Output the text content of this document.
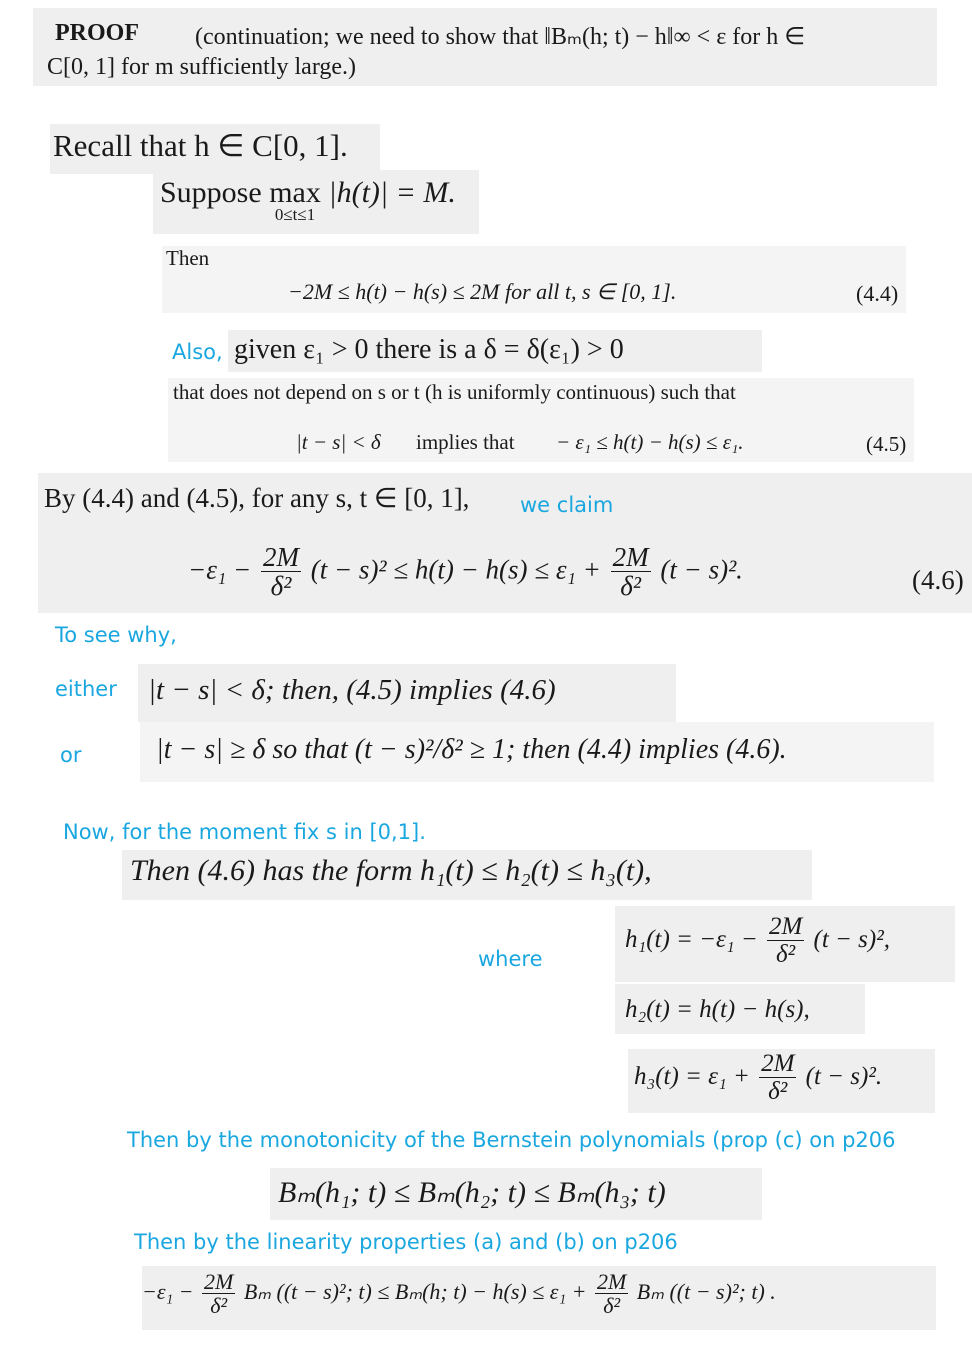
PROOF (continuation; we need to show that ‖Bₘ(h; t) − h‖∞ < ε for h ∈
C[0, 1] for m sufficiently large.)
Recall that h ∈ C[0, 1].
Suppose max
0≤t≤1
|h(t)| = M.
Then
−2M ≤ h(t) − h(s) ≤ 2M for all t, s ∈ [0, 1].	(4.4)
Also, given ε₁ > 0 there is a δ = δ(ε₁) > 0
that does not depend on s or t (h is uniformly continuous) such that
|t − s| < δ implies that − ε₁ ≤ h(t) − h(s) ≤ ε₁.	(4.5)
By (4.4) and (4.5), for any s, t ∈ [0, 1],
$-\varepsilon_1 - \frac{2M}{\text{δ²}} (t - s)^2 \le h(t) - h(s) \le \varepsilon_1 + \frac{2M}{\text{δ²}} (t - s)^2$.	(4.6)
we claim
To see why,
either |t − s| < δ; then, (4.5) implies (4.6)
or	|t − s| ≥ δ so that (t − s)²/δ² ≥ 1; then (4.4) implies (4.6).
Now, for the moment fix s in [0,1].
Then (4.6) has the form h₁(t) ≤ h₂(t) ≤ h₃(t),
where
$h_1(t) = -\varepsilon_1 - \frac{2M}{\text{δ²}} (t - s)^2$,
h₂(t) = h(t) − h(s),
$h_3(t) = \varepsilon_1 + \frac{2M}{\text{δ²}} (t - s)^2$.
Then by the monotonicity of the Bernstein polynomials (prop (c) on p206
Bₘ(h₁; t) ≤ Bₘ(h₂; t) ≤ Bₘ(h₃; t)
Then by the linearity properties (a) and (b) on p206
$-\varepsilon_1 - \frac{2M}{\text{δ²}}$ Bₘ ((t − s)²; t) ≤ Bₘ(h; $t) - h(s) \le \varepsilon_1 + \frac{2M}{\text{δ²}}$ Bₘ ((t − s)²; t) .
